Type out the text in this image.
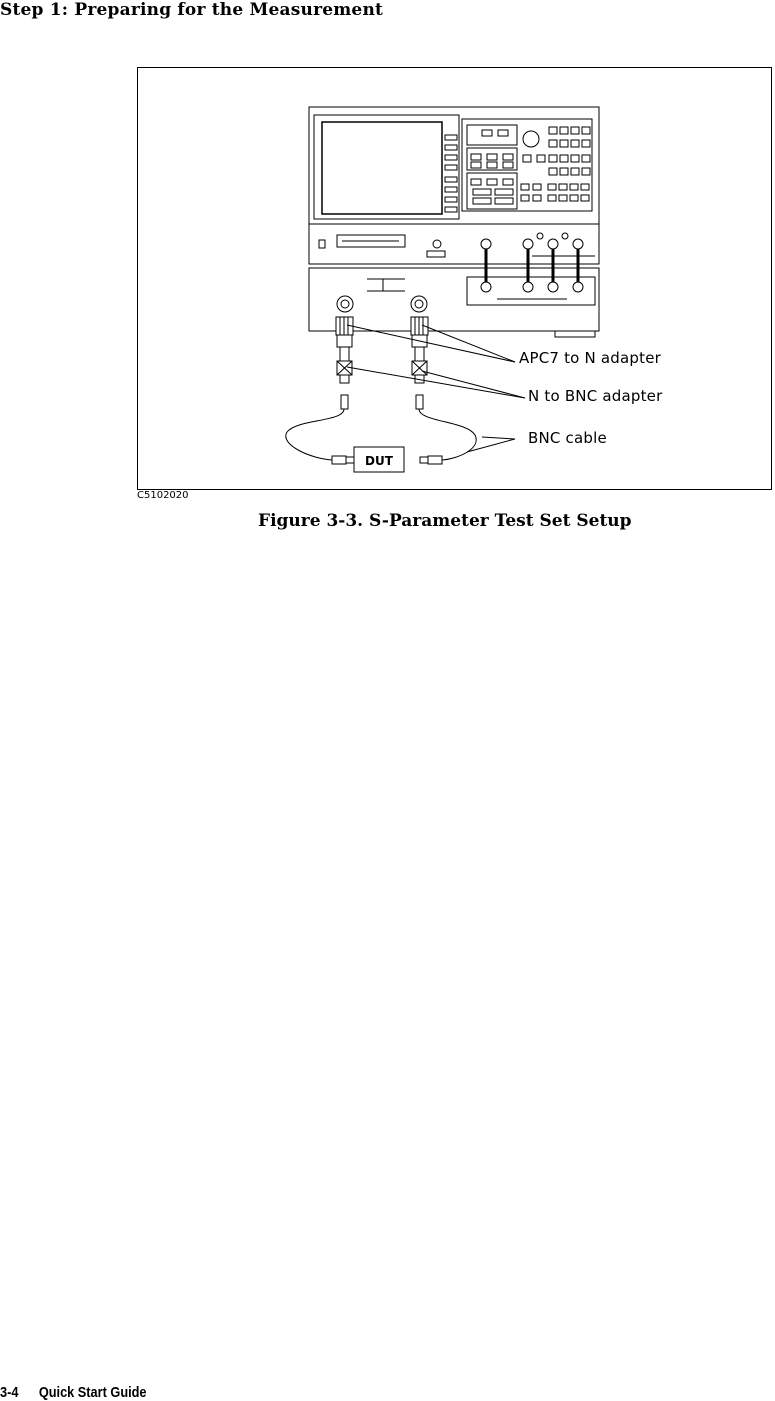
Step 1: Preparing for the Measurement
DUT
APC7 to N adapter
N to BNC adapter
BNC cable
C5102020
Figure 3-3. S-Parameter Test Set Setup
3-4 Quick Start Guide
